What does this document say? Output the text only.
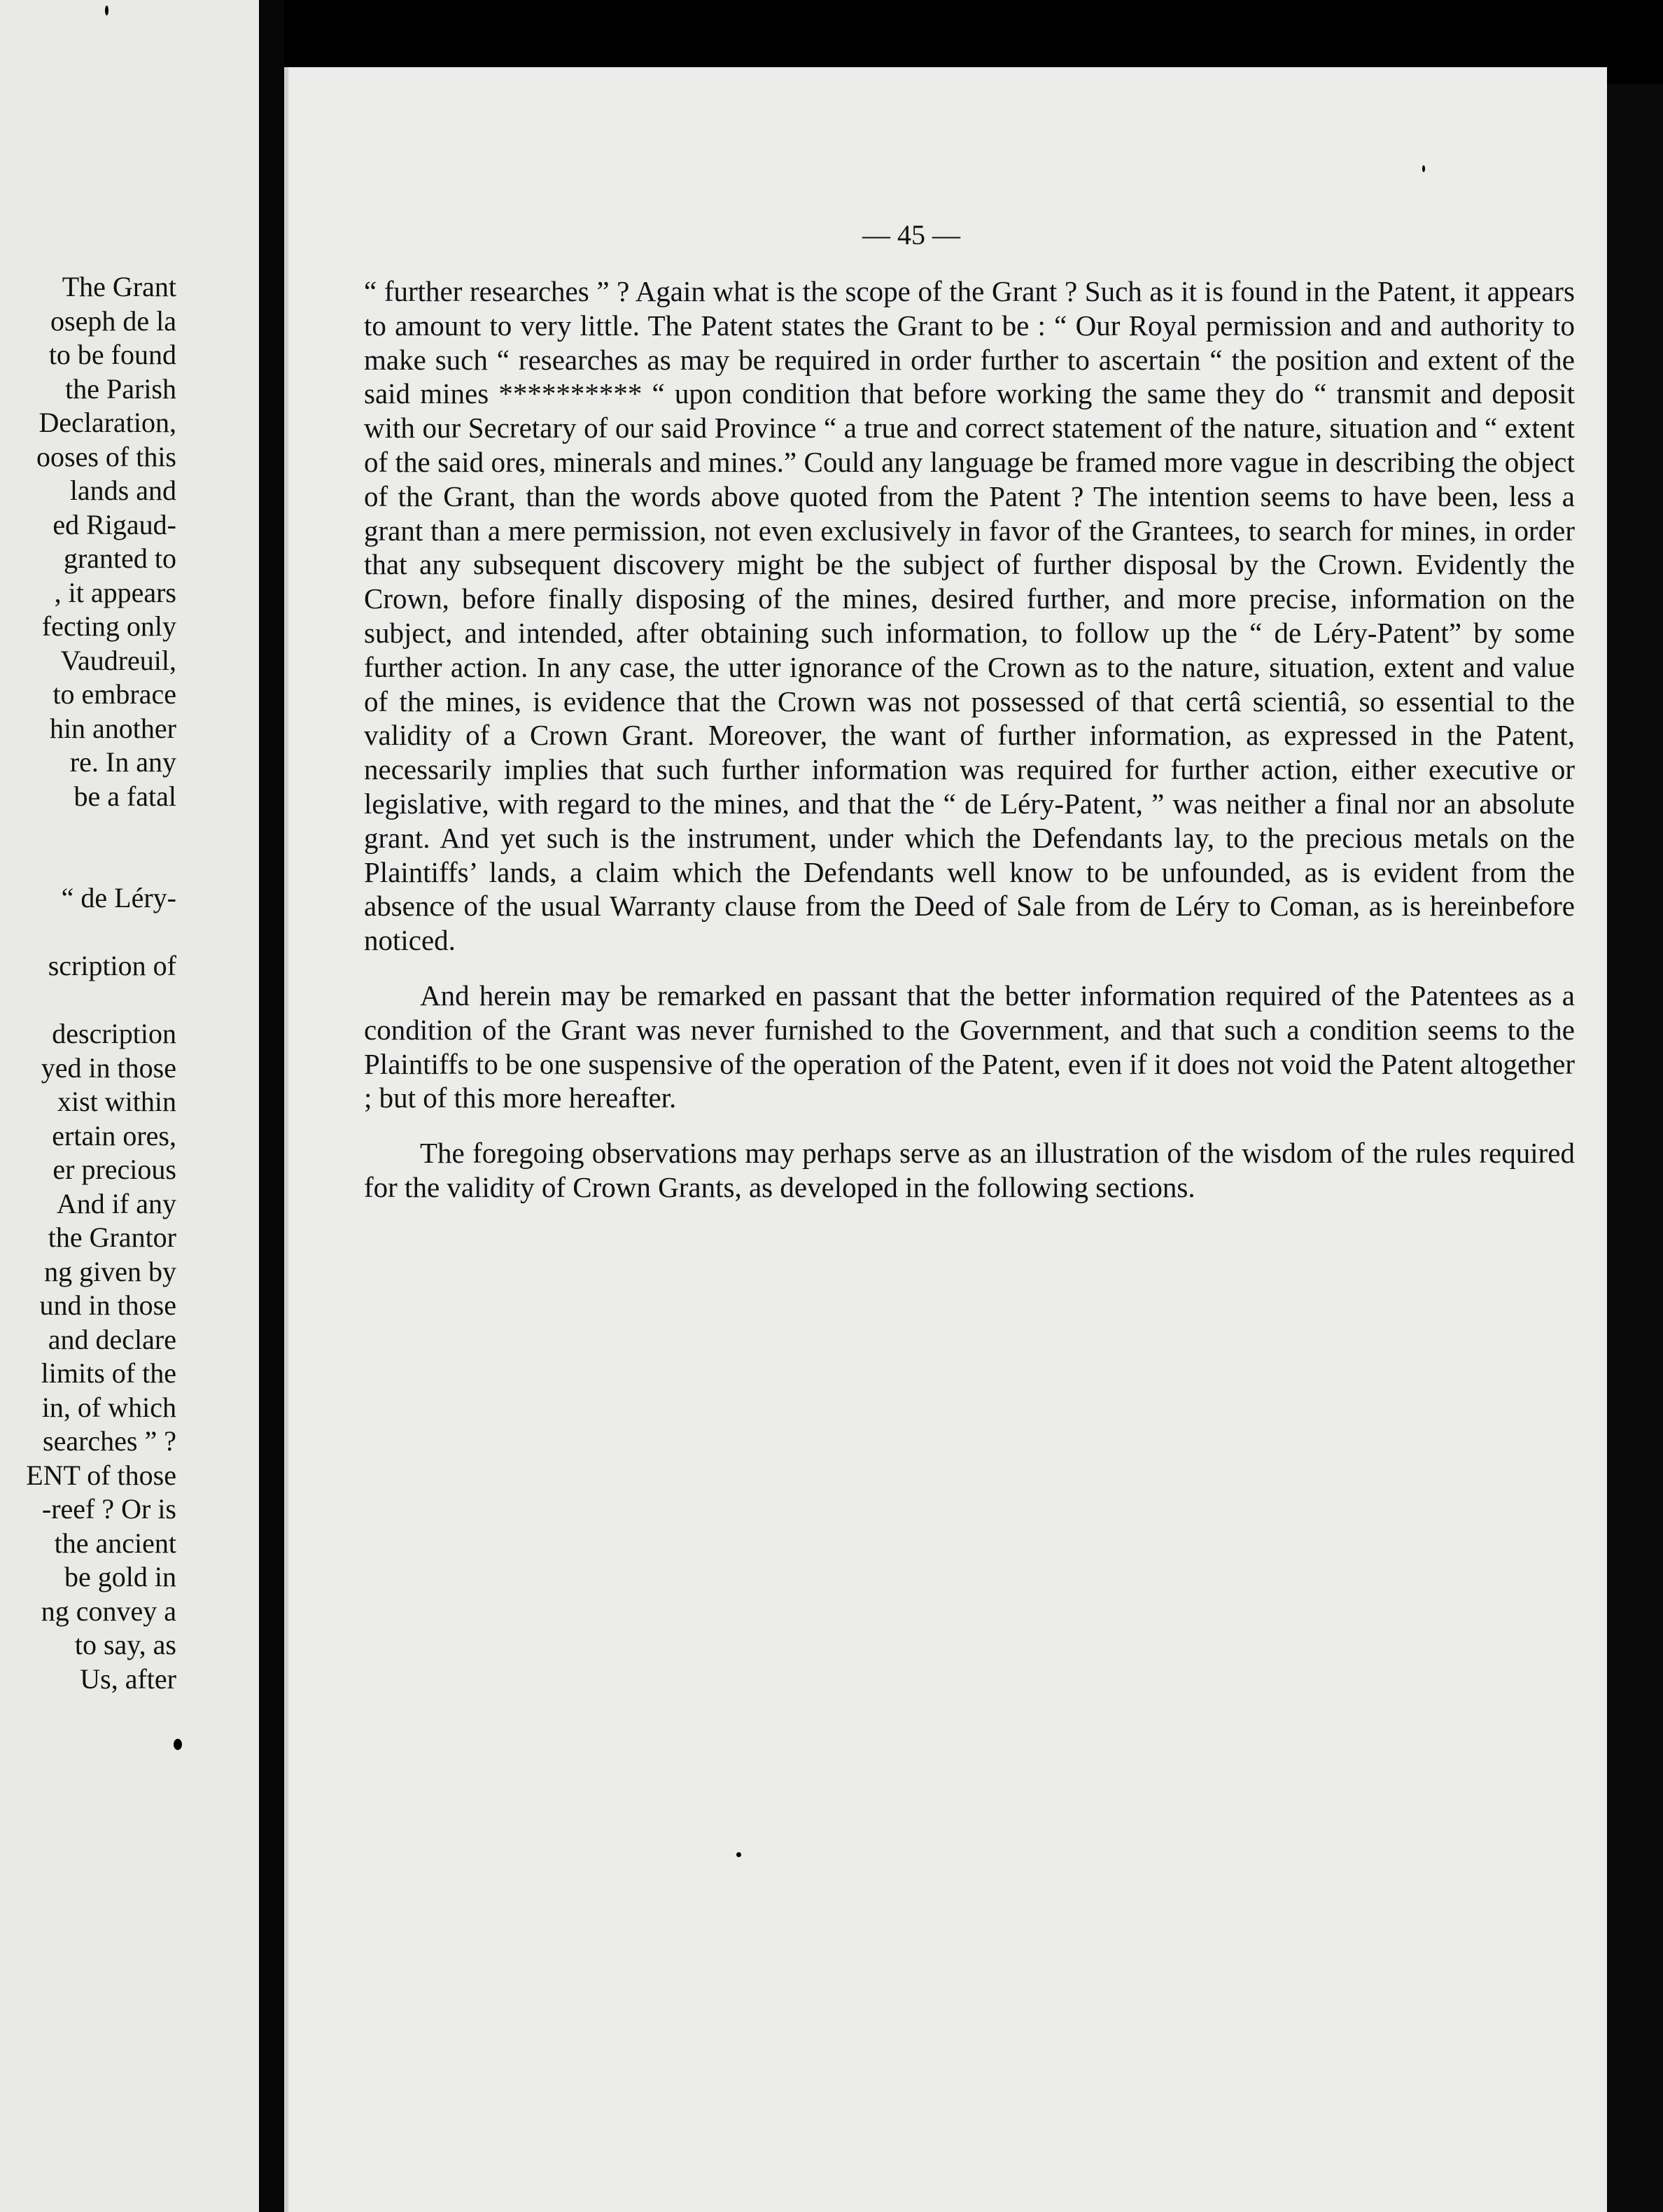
The Grant
oseph de la
to be found
the Parish
Declaration,
ooses of this
lands and
ed Rigaud-
granted to
, it appears
fecting only
Vaudreuil,
to embrace
hin another
re. In any
be a fatal
“ de Léry-
scription of
description
yed in those
xist within
ertain ores,
er precious
And if any
the Grantor
ng given by
und in those
and declare
limits of the
in, of which
searches ” ?
ENT of those
-reef ? Or is
the ancient
be gold in
ng convey a
to say, as
Us, after
— 45 —

“ further researches ” ? Again what is the scope of the Grant ? Such as it is found in the Patent, it appears to amount to very little. The Patent states the Grant to be : “ Our Royal permission and and authority to make such “ researches as may be required in order further to ascertain “ the position and extent of the said mines ********** “ upon condition that before working the same they do “ transmit and deposit with our Secretary of our said Province “ a true and correct statement of the nature, situation and “ extent of the said ores, minerals and mines.” Could any language be framed more vague in describing the object of the Grant, than the words above quoted from the Patent ? The intention seems to have been, less a grant than a mere permission, not even exclusively in favor of the Grantees, to search for mines, in order that any subsequent discovery might be the subject of further disposal by the Crown. Evidently the Crown, before finally disposing of the mines, desired further, and more precise, information on the subject, and intended, after obtaining such information, to follow up the “ de Léry-Patent” by some further action. In any case, the utter ignorance of the Crown as to the nature, situation, extent and value of the mines, is evidence that the Crown was not possessed of that certâ scientiâ, so essential to the validity of a Crown Grant. Moreover, the want of further information, as expressed in the Patent, necessarily implies that such further information was required for further action, either executive or legislative, with regard to the mines, and that the “ de Léry-Patent, ” was neither a final nor an absolute grant. And yet such is the instrument, under which the Defendants lay, to the precious metals on the Plaintiffs’ lands, a claim which the Defendants well know to be unfounded, as is evident from the absence of the usual Warranty clause from the Deed of Sale from de Léry to Coman, as is hereinbefore noticed.

And herein may be remarked en passant that the better information required of the Patentees as a condition of the Grant was never furnished to the Government, and that such a condition seems to the Plaintiffs to be one suspensive of the operation of the Patent, even if it does not void the Patent altogether ; but of this more hereafter.

The foregoing observations may perhaps serve as an illustration of the wisdom of the rules required for the validity of Crown Grants, as developed in the following sections.
